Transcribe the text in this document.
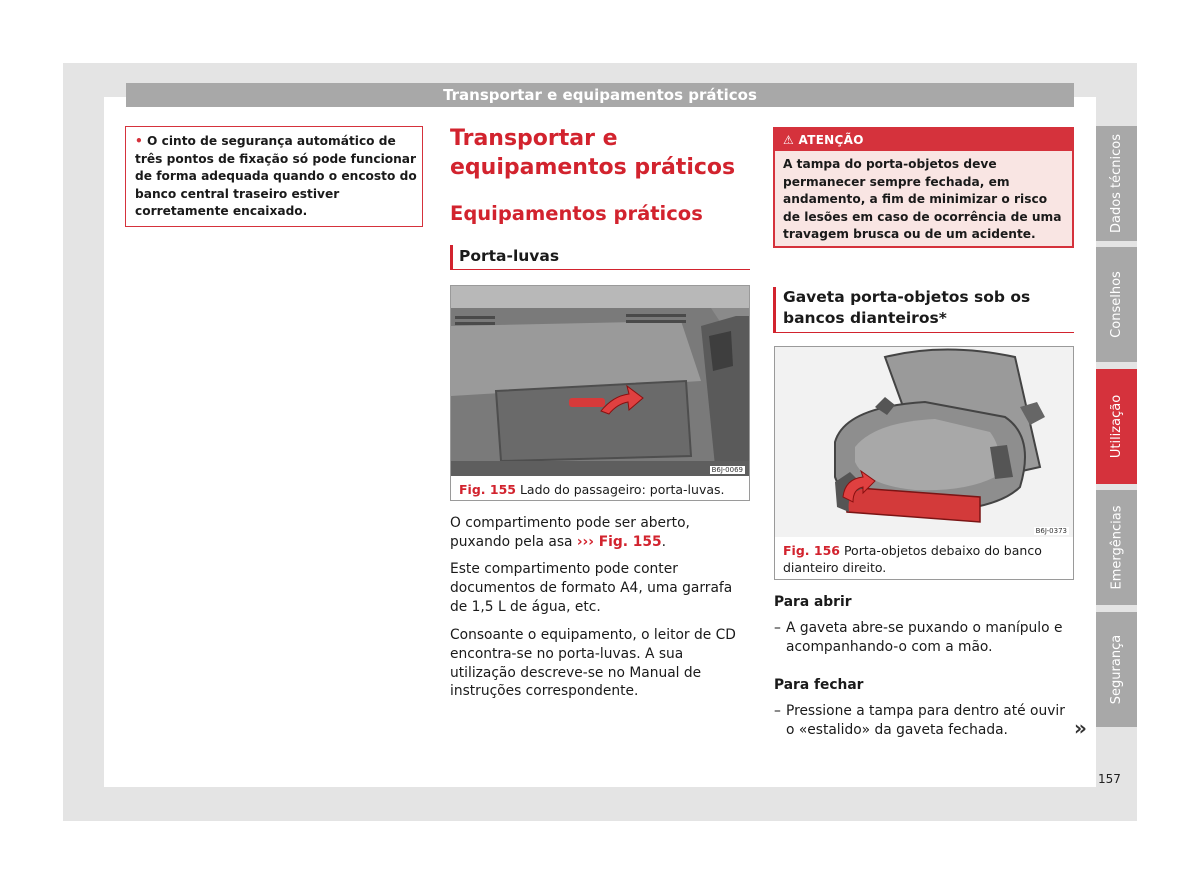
Transportar e equipamentos práticos
• O cinto de segurança automático de três pontos de fixação só pode funcionar de forma adequada quando o encosto do banco central traseiro estiver corretamente encaixado.
Transportar e equipamentos práticos
Equipamentos práticos
Porta-luvas
B6J-0069
Fig. 155 Lado do passageiro: porta-luvas.

O compartimento pode ser aberto, puxando pela asa ››› Fig. 155.

Este compartimento pode conter documentos de formato A4, uma garrafa de 1,5 L de água, etc.

Consoante o equipamento, o leitor de CD encontra-se no porta-luvas. A sua utilização descreve-se no Manual de instruções correspondente.

⚠ ATENÇÃO
A tampa do porta-objetos deve permanecer sempre fechada, em andamento, a fim de minimizar o risco de lesões em caso de ocorrência de uma travagem brusca ou de um acidente.
Gaveta porta-objetos sob os bancos dianteiros*
B6J-0373
Fig. 156 Porta-objetos debaixo do banco dianteiro direito.
Para abrir
– A gaveta abre-se puxando o manípulo e acompanhando-o com a mão.
Para fechar
– Pressione a tampa para dentro até ouvir o «estalido» da gaveta fechada.	»
Dados técnicos
Conselhos
Utilização
Emergências
Segurança
157
